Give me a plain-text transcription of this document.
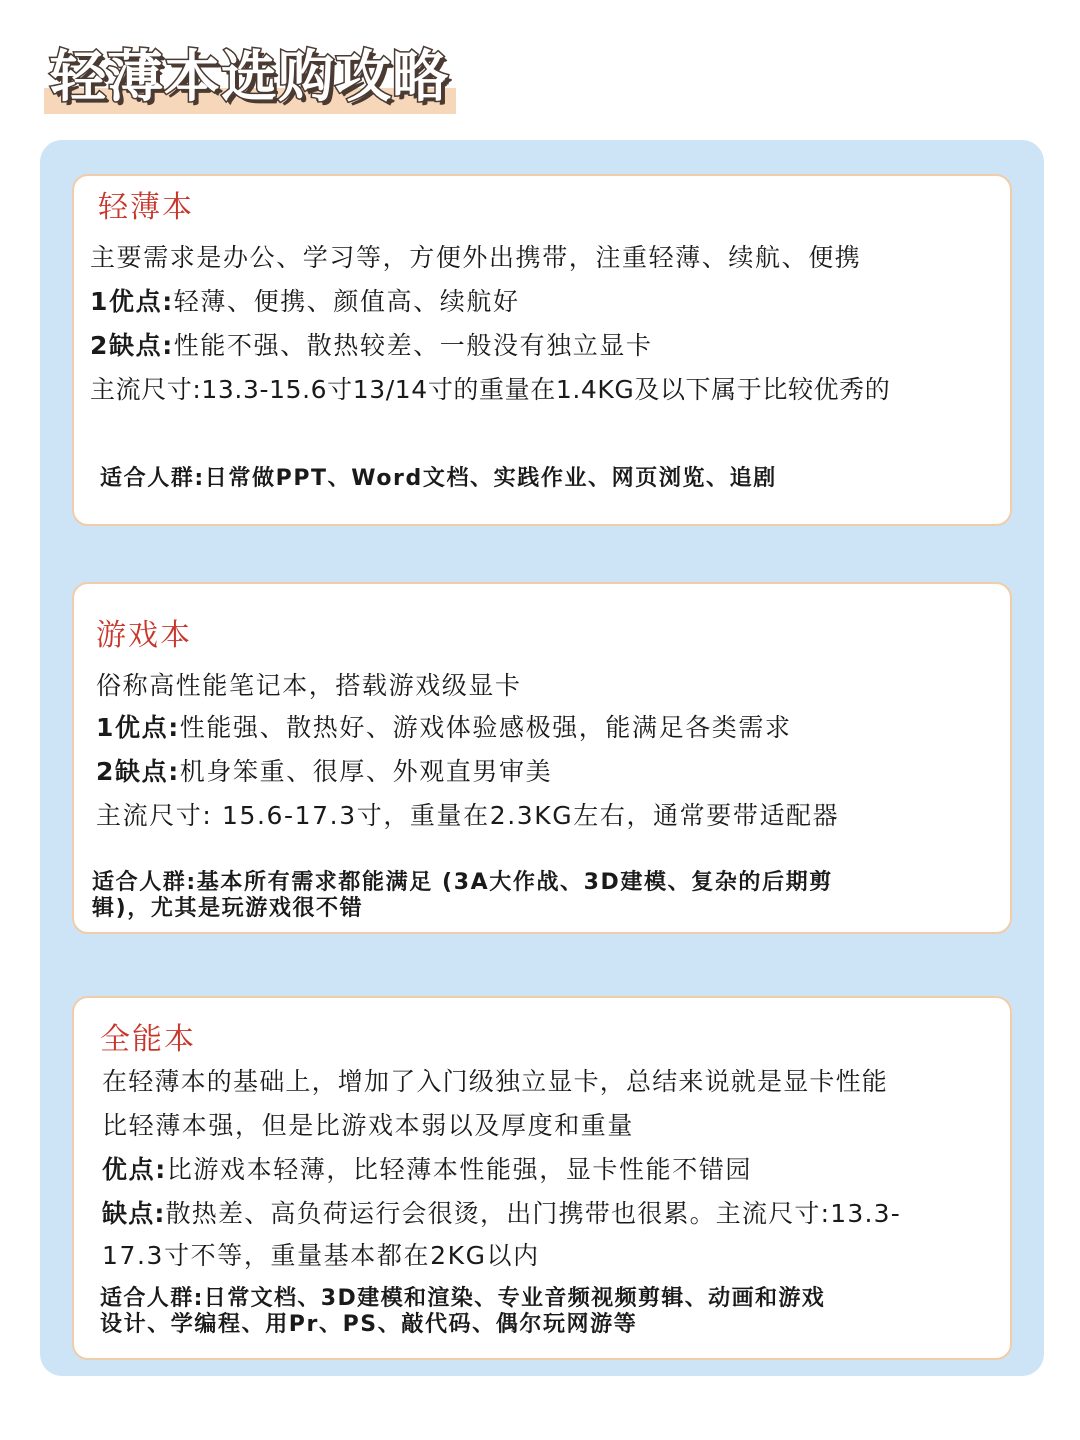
轻薄本选购攻略
轻薄本
主要需求是办公、学习等，方便外出携带，注重轻薄、续航、便携
1优点:轻薄、便携、颜值高、续航好
2缺点:性能不强、散热较差、一般没有独立显卡
主流尺寸:13.3-15.6寸13/14寸的重量在1.4KG及以下属于比较优秀的
适合人群:日常做PPT、Word文档、实践作业、网页浏览、追剧
游戏本
俗称高性能笔记本，搭载游戏级显卡
1优点:性能强、散热好、游戏体验感极强，能满足各类需求
2缺点:机身笨重、很厚、外观直男审美
主流尺寸: 15.6-17.3寸，重量在2.3KG左右，通常要带适配器
适合人群:基本所有需求都能满足 (3A大作战、3D建模、复杂的后期剪
辑)，尤其是玩游戏很不错
全能本
在轻薄本的基础上，增加了入门级独立显卡，总结来说就是显卡性能
比轻薄本强，但是比游戏本弱以及厚度和重量
优点:比游戏本轻薄，比轻薄本性能强，显卡性能不错园
缺点:散热差、高负荷运行会很烫，出门携带也很累。主流尺寸:13.3-
17.3寸不等，重量基本都在2KG以内
适合人群:日常文档、3D建模和渲染、专业音频视频剪辑、动画和游戏
设计、学编程、用Pr、PS、敲代码、偶尔玩网游等
